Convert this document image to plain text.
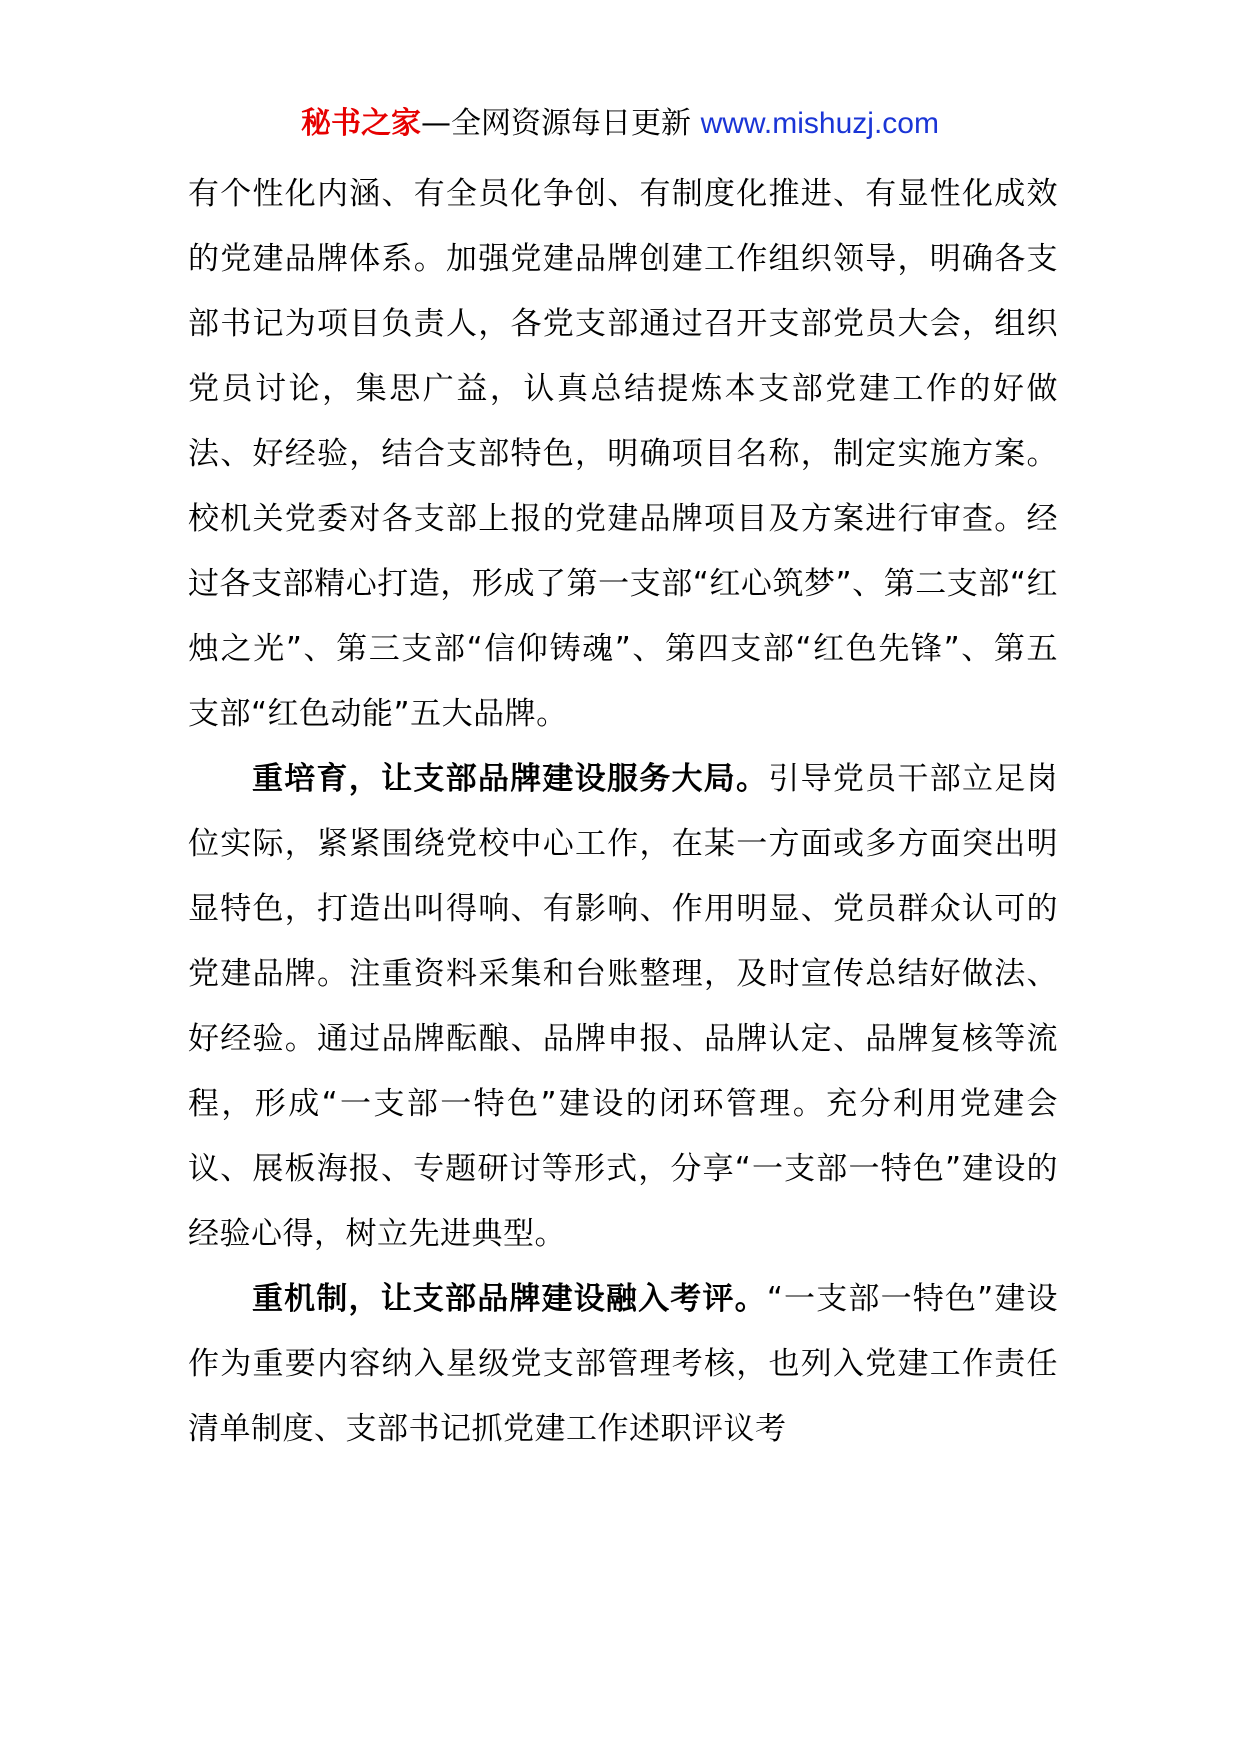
秘书之家—全网资源每日更新 www.mishuzj.com

有个性化内涵、有全员化争创、有制度化推进、有显性化成效的党建品牌体系。加强党建品牌创建工作组织领导，明确各支部书记为项目负责人，各党支部通过召开支部党员大会，组织党员讨论，集思广益，认真总结提炼本支部党建工作的好做法、好经验，结合支部特色，明确项目名称，制定实施方案。校机关党委对各支部上报的党建品牌项目及方案进行审查。经过各支部精心打造，形成了第一支部“红心筑梦”、第二支部“红烛之光”、第三支部“信仰铸魂”、第四支部“红色先锋”、第五支部“红色动能”五大品牌。

重培育，让支部品牌建设服务大局。引导党员干部立足岗位实际，紧紧围绕党校中心工作，在某一方面或多方面突出明显特色，打造出叫得响、有影响、作用明显、党员群众认可的党建品牌。注重资料采集和台账整理，及时宣传总结好做法、好经验。通过品牌酝酿、品牌申报、品牌认定、品牌复核等流程，形成“一支部一特色”建设的闭环管理。充分利用党建会议、展板海报、专题研讨等形式，分享“一支部一特色”建设的经验心得，树立先进典型。

重机制，让支部品牌建设融入考评。“一支部一特色”建设作为重要内容纳入星级党支部管理考核，也列入党建工作责任清单制度、支部书记抓党建工作述职评议考
